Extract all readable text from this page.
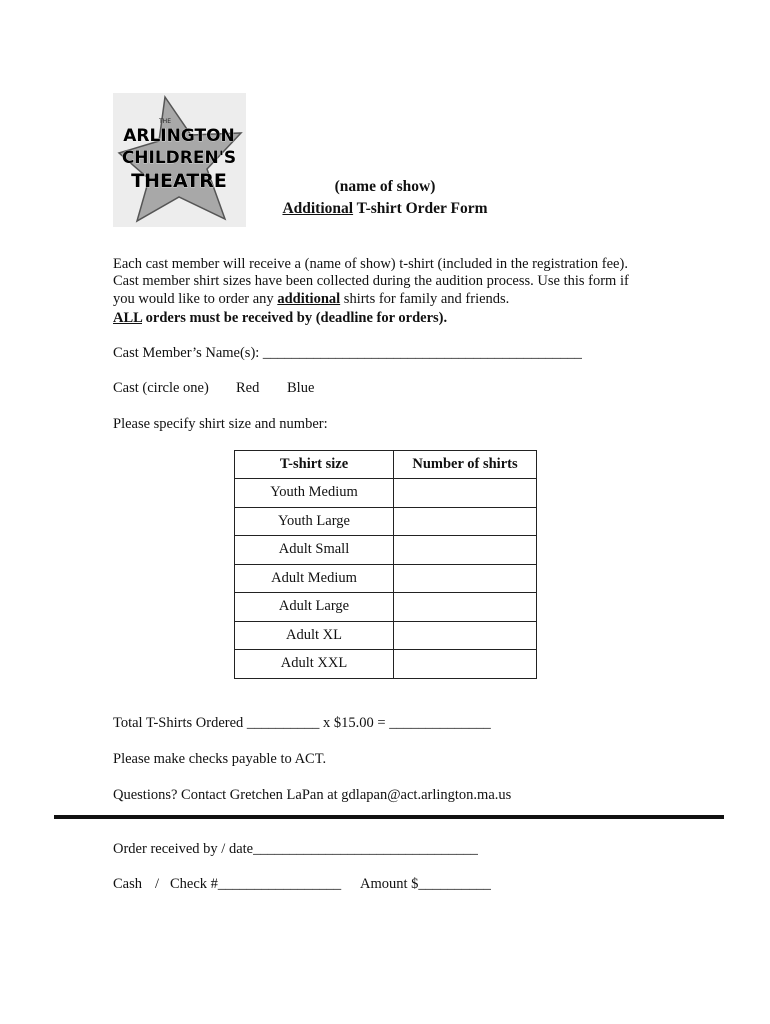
THE
ARLINGTON
CHILDREN'S
THEATRE	(name of show)
Additional T-shirt Order Form
Each cast member will receive a (name of show) t-shirt (included in the registration fee).
Cast member shirt sizes have been collected during the audition process. Use this form if
you would like to order any additional shirts for family and friends.
ALL orders must be received by (deadline for orders).
Cast Member’s Name(s): ____________________________________________
Cast (circle one) Red Blue
Please specify shirt size and number:
T-shirt size	Number of shirts
Youth Medium	
Youth Large	
Adult Small	
Adult Medium	
Adult Large	
Adult XL	
Adult XXL	
Total T-Shirts Ordered __________ x $15.00 = ______________
Please make checks payable to ACT.
Questions? Contact Gretchen LaPan at gdlapan@act.arlington.ma.us
Order received by / date_______________________________
Cash / Check #_________________ Amount $__________
